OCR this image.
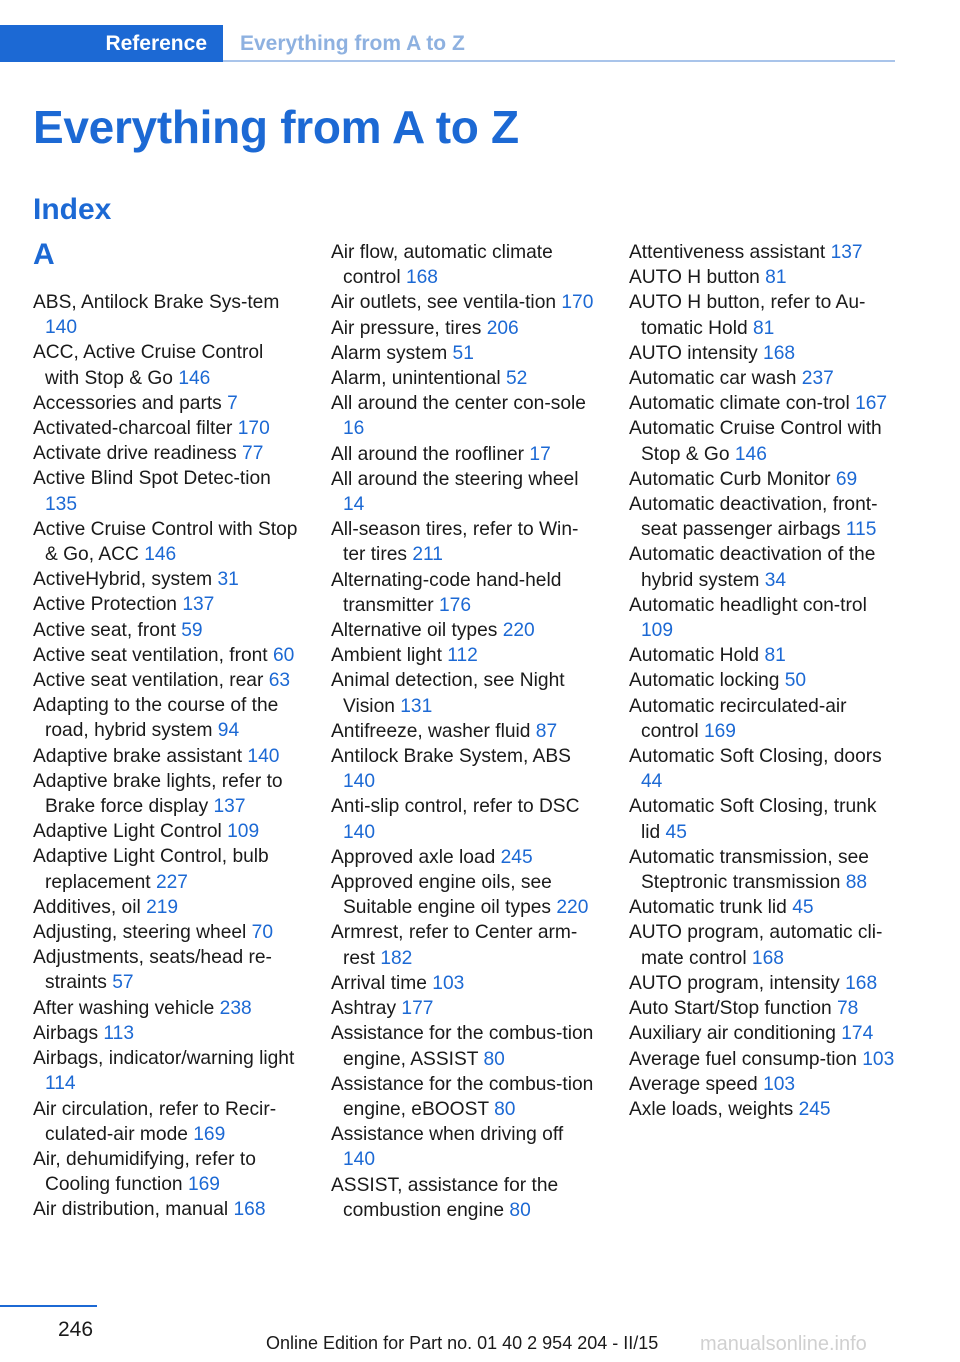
Reference	Everything from A to Z
Everything from A to Z
Index
A
ABS, Antilock Brake Sys-tem 140
ACC, Active Cruise Control with Stop & Go 146
Accessories and parts 7
Activated-charcoal filter 170
Activate drive readiness 77
Active Blind Spot Detec-tion 135
Active Cruise Control with Stop & Go, ACC 146
ActiveHybrid, system 31
Active Protection 137
Active seat, front 59
Active seat ventilation, front 60
Active seat ventilation, rear 63
Adapting to the course of the road, hybrid system 94
Adaptive brake assistant 140
Adaptive brake lights, refer to Brake force display 137
Adaptive Light Control 109
Adaptive Light Control, bulb replacement 227
Additives, oil 219
Adjusting, steering wheel 70
Adjustments, seats/head re-straints 57
After washing vehicle 238
Airbags 113
Airbags, indicator/warning light 114
Air circulation, refer to Recir-culated-air mode 169
Air, dehumidifying, refer to Cooling function 169
Air distribution, manual 168
Air flow, automatic climate control 168
Air outlets, see ventila-tion 170
Air pressure, tires 206
Alarm system 51
Alarm, unintentional 52
All around the center con-sole 16
All around the roofliner 17
All around the steering wheel 14
All-season tires, refer to Win-ter tires 211
Alternating-code hand-held transmitter 176
Alternative oil types 220
Ambient light 112
Animal detection, see Night Vision 131
Antifreeze, washer fluid 87
Antilock Brake System, ABS 140
Anti-slip control, refer to DSC 140
Approved axle load 245
Approved engine oils, see Suitable engine oil types 220
Armrest, refer to Center arm-rest 182
Arrival time 103
Ashtray 177
Assistance for the combus-tion engine, ASSIST 80
Assistance for the combus-tion engine, eBOOST 80
Assistance when driving off 140
ASSIST, assistance for the combustion engine 80
Attentiveness assistant 137
AUTO H button 81
AUTO H button, refer to Au-tomatic Hold 81
AUTO intensity 168
Automatic car wash 237
Automatic climate con-trol 167
Automatic Cruise Control with Stop & Go 146
Automatic Curb Monitor 69
Automatic deactivation, front-seat passenger airbags 115
Automatic deactivation of the hybrid system 34
Automatic headlight con-trol 109
Automatic Hold 81
Automatic locking 50
Automatic recirculated-air control 169
Automatic Soft Closing, doors 44
Automatic Soft Closing, trunk lid 45
Automatic transmission, see Steptronic transmission 88
Automatic trunk lid 45
AUTO program, automatic cli-mate control 168
AUTO program, intensity 168
Auto Start/Stop function 78
Auxiliary air conditioning 174
Average fuel consump-tion 103
Average speed 103
Axle loads, weights 245
246
Online Edition for Part no. 01 40 2 954 204 - II/15 manualsonline.info
